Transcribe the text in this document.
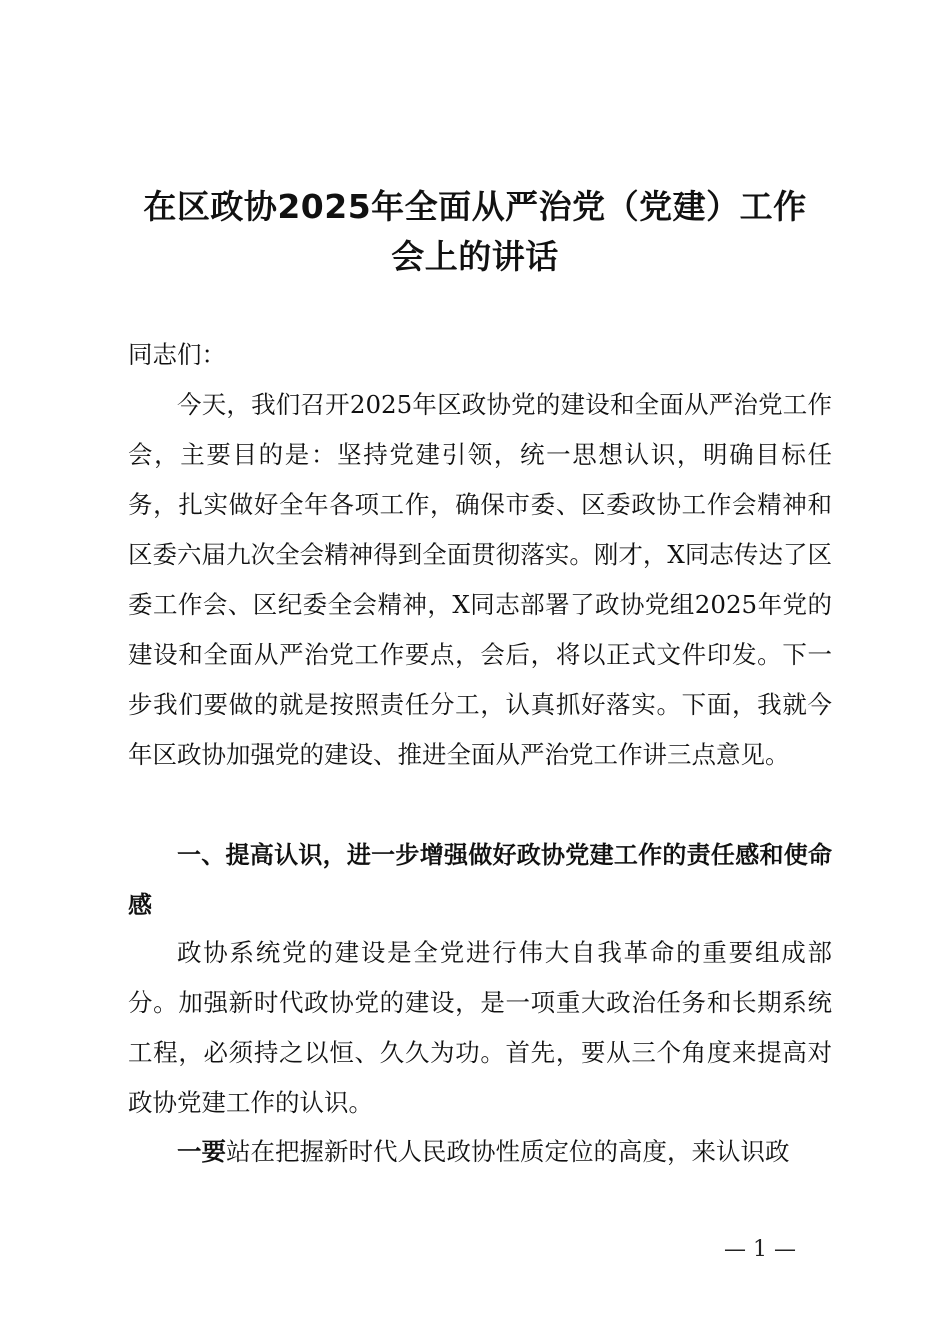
在区政协2025年全面从严治党（党建）工作
会上的讲话
同志们：
今天，我们召开2025年区政协党的建设和全面从严治党工作会，主要目的是：坚持党建引领，统一思想认识，明确目标任务，扎实做好全年各项工作，确保市委、区委政协工作会精神和区委六届九次全会精神得到全面贯彻落实。刚才，X同志传达了区委工作会、区纪委全会精神，X同志部署了政协党组2025年党的建设和全面从严治党工作要点，会后，将以正式文件印发。下一步我们要做的就是按照责任分工，认真抓好落实。下面，我就今年区政协加强党的建设、推进全面从严治党工作讲三点意见。
一、提高认识，进一步增强做好政协党建工作的责任感和使命感
政协系统党的建设是全党进行伟大自我革命的重要组成部分。加强新时代政协党的建设，是一项重大政治任务和长期系统工程，必须持之以恒、久久为功。首先，要从三个角度来提高对政协党建工作的认识。
一要站在把握新时代人民政协性质定位的高度，来认识政
— 1 —
